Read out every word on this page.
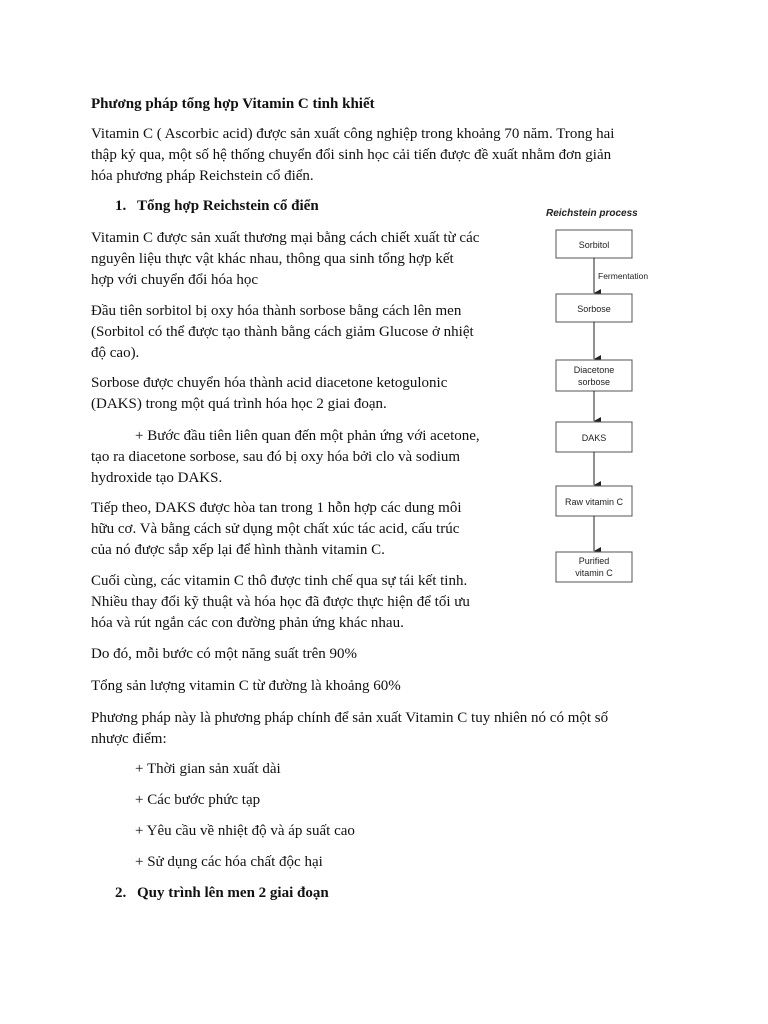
Phương pháp tổng hợp Vitamin C tinh khiết

Vitamin C ( Ascorbic acid) được sản xuất công nghiệp trong khoảng 70 năm. Trong hai

thập kỷ qua, một số hệ thống chuyển đổi sinh học cải tiến được đề xuất nhằm đơn giản

hóa phương pháp Reichstein cổ điển.

1. Tổng hợp Reichstein cổ điển

Vitamin C được sản xuất thương mại bằng cách chiết xuất từ các

nguyên liệu thực vật khác nhau, thông qua sinh tổng hợp kết

hợp với chuyển đổi hóa học

Đầu tiên sorbitol bị oxy hóa thành sorbose bằng cách lên men

(Sorbitol có thể được tạo thành bằng cách giảm Glucose ở nhiệt

độ cao).

Sorbose được chuyển hóa thành acid diacetone ketogulonic

(DAKS) trong một quá trình hóa học 2 giai đoạn.

+ Bước đầu tiên liên quan đến một phản ứng với acetone,

tạo ra diacetone sorbose, sau đó bị oxy hóa bởi clo và sodium

hydroxide tạo DAKS.

Tiếp theo, DAKS được hòa tan trong 1 hỗn hợp các dung môi

hữu cơ. Và bằng cách sử dụng một chất xúc tác acid, cấu trúc

của nó được sắp xếp lại để hình thành vitamin C.

Cuối cùng, các vitamin C thô được tinh chế qua sự tái kết tinh.

Nhiều thay đổi kỹ thuật và hóa học đã được thực hiện để tối ưu

hóa và rút ngắn các con đường phản ứng khác nhau.

Do đó, mỗi bước có một năng suất trên 90%

Tổng sản lượng vitamin C từ đường là khoảng 60%

Phương pháp này là phương pháp chính để sản xuất Vitamin C tuy nhiên nó có một số

nhược điểm:

+ Thời gian sản xuất dài

+ Các bước phức tạp

+ Yêu cầu về nhiệt độ và áp suất cao

+ Sử dụng các hóa chất độc hại

2. Quy trình lên men 2 giai đoạn

Reichstein process
Sorbitol
Fermentation
Sorbose
Diacetone
sorbose
DAKS
Raw vitamin C
Purified
vitamin C
